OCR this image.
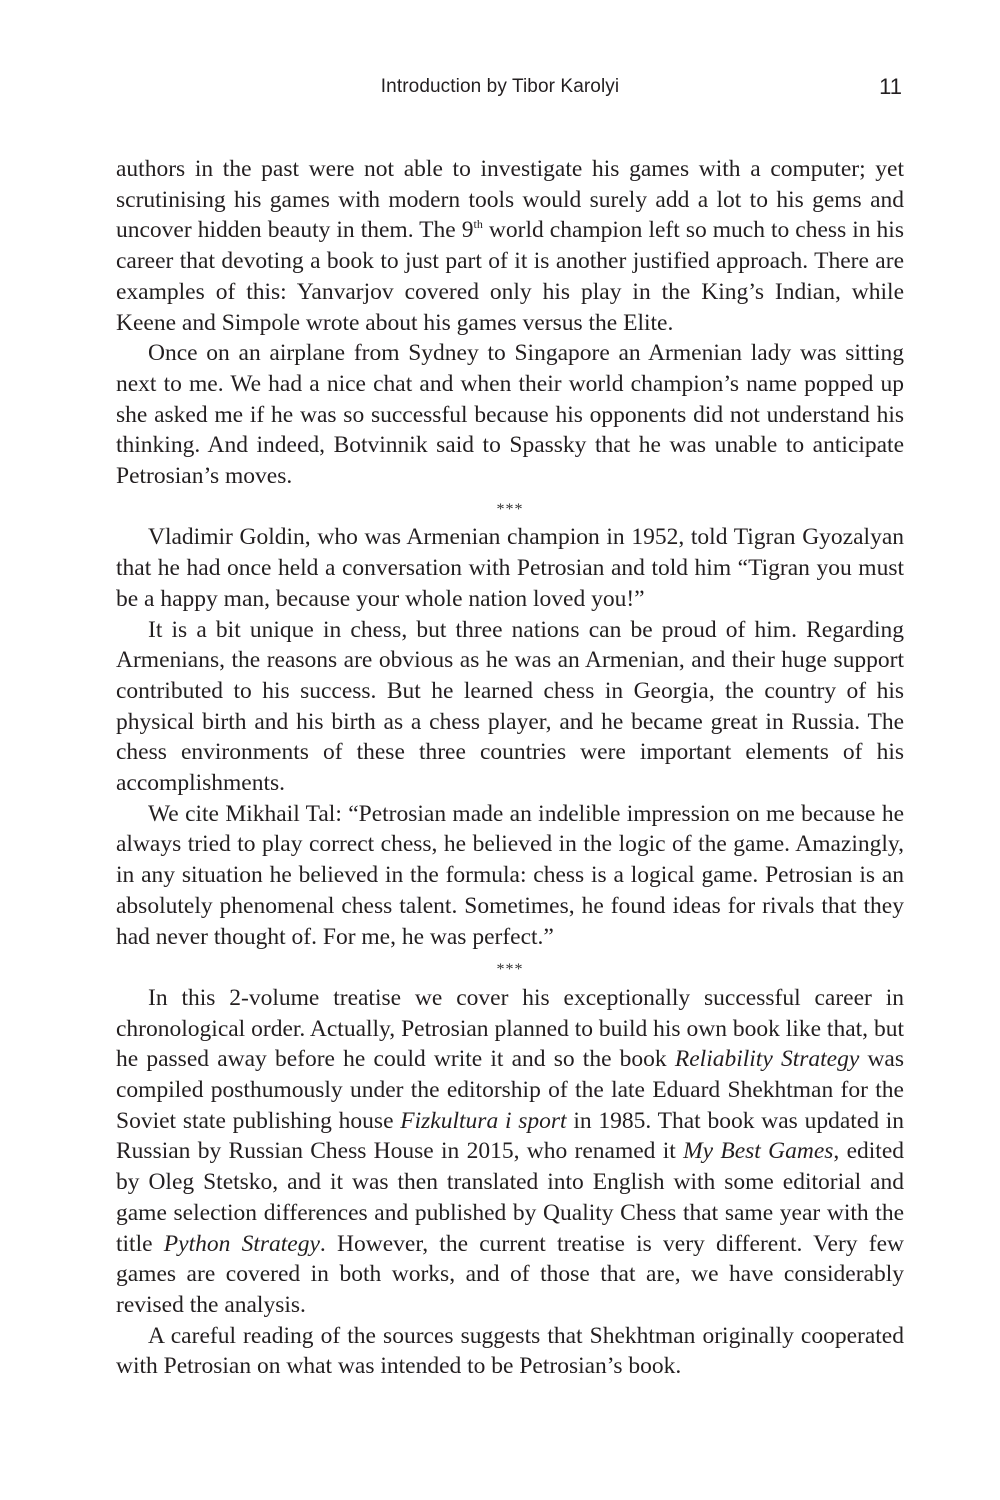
Introduction by Tibor Karolyi	11

authors in the past were not able to investigate his games with a computer; yet scrutinising his games with modern tools would surely add a lot to his gems and uncover hidden beauty in them. The 9th world champion left so much to chess in his career that devoting a book to just part of it is another justified approach. There are examples of this: Yanvarjov covered only his play in the King’s Indian, while Keene and Simpole wrote about his games versus the Elite.

Once on an airplane from Sydney to Singapore an Armenian lady was sitting next to me. We had a nice chat and when their world champion’s name popped up she asked me if he was so successful because his opponents did not understand his thinking. And indeed, Botvinnik said to Spassky that he was unable to anticipate Petrosian’s moves.

***

Vladimir Goldin, who was Armenian champion in 1952, told Tigran Gyozalyan that he had once held a conversation with Petrosian and told him “Tigran you must be a happy man, because your whole nation loved you!”

It is a bit unique in chess, but three nations can be proud of him. Regarding Armenians, the reasons are obvious as he was an Armenian, and their huge support contributed to his success. But he learned chess in Georgia, the country of his physical birth and his birth as a chess player, and he became great in Russia. The chess environments of these three countries were important elements of his accomplishments.

We cite Mikhail Tal: “Petrosian made an indelible impression on me because he always tried to play correct chess, he believed in the logic of the game. Amazingly, in any situation he believed in the formula: chess is a logical game. Petrosian is an absolutely phenomenal chess talent. Sometimes, he found ideas for rivals that they had never thought of. For me, he was perfect.”

***

In this 2-volume treatise we cover his exceptionally successful career in chronological order. Actually, Petrosian planned to build his own book like that, but he passed away before he could write it and so the book Reliability Strategy was compiled posthumously under the editorship of the late Eduard Shekhtman for the Soviet state publishing house Fizkultura i sport in 1985. That book was updated in Russian by Russian Chess House in 2015, who renamed it My Best Games, edited by Oleg Stetsko, and it was then translated into English with some editorial and game selection differences and published by Quality Chess that same year with the title Python Strategy. However, the current treatise is very different. Very few games are covered in both works, and of those that are, we have considerably revised the analysis.

A careful reading of the sources suggests that Shekhtman originally cooperated with Petrosian on what was intended to be Petrosian’s book.
